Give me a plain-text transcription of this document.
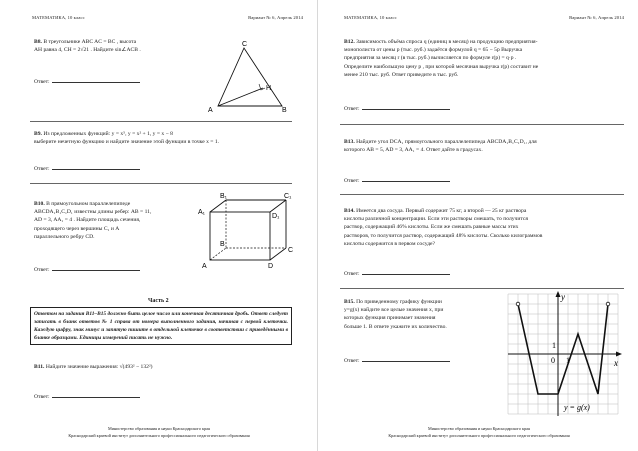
МАТЕМАТИКА, 10 класс	Вариант № 6, Апрель 2014
B8. В треугольнике ABC AC = BC , высота
AH равна 4, CH = 2√21 . Найдите sin∠ACB .
C
H
A	B
Ответ:
B9. Из предложенных функций: y = x⁵, y = x² + 1, y = x − 8
выберите нечетную функцию и найдите значение этой функции в точке x = 1.
Ответ:
B10. В прямоугольном параллелепипеде
ABCDA₁B₁C₁D₁ известны длины ребер: AB = 11,
AD = 3, AA₁ = 4 . Найдите площадь сечения,
проходящего через вершины C₁ и A
параллельного ребру CD.
B₁	C₁
A₁
D₁
B
C
A	D
Ответ:
Часть 2
Ответом на задания B11–B15 должно быть целое число или конечная десятичная дробь. Ответ следует записать в бланк ответов № 1 справа от номера выполненного задания, начиная с первой клеточки. Каждую цифру, знак минус и запятую пишите в отдельной клеточке в соответствии с приведёнными в бланке образцами. Единицы измерений писать не нужно.
B11. Найдите значение выражения: √(493² − 132²)
Ответ:
Министерство образования и науки Краснодарского края
Краснодарский краевой институт дополнительного профессионального педагогического образования
МАТЕМАТИКА, 10 класс	Вариант № 6, Апрель 2014
B12. Зависимость объёма спроса q (единиц в месяц) на продукцию предприятия-
монополиста от цены p (тыс. руб.) задаётся формулой q = 65 − 5p Выручка
предприятия за месяц r (в тыс. руб.) вычисляется по формуле r(p) = q·p .
Определите наибольшую цену p , при которой месячная выручка r(p) составит не
менее 210 тыс. руб. Ответ приведите в тыс. руб.
Ответ:
B13. Найдите угол DCA₁ прямоугольного параллелепипеда ABCDA₁B₁C₁D₁, для
которого AB = 5, AD = 3, AA₁ = 4. Ответ дайте в градусах.
Ответ:
B14. Имеется два сосуда. Первый содержит 75 кг, а второй — 25 кг раствора
кислоты различной концентрации. Если эти растворы смешать, то получится
раствор, содержащий 46% кислоты. Если же смешать равные массы этих
растворов, то получится раствор, содержащий 48% кислоты. Сколько килограммов
кислоты содержится в первом сосуде?
Ответ:
B15. По приведенному графику функции
y=g(x) найдите все целые значения x, при
которых функция принимает значения
больше 1. В ответе укажите их количество.
Ответ:
y
x
0 1
1
y = g(x)
Министерство образования и науки Краснодарского края
Краснодарский краевой институт дополнительного профессионального педагогического образования
